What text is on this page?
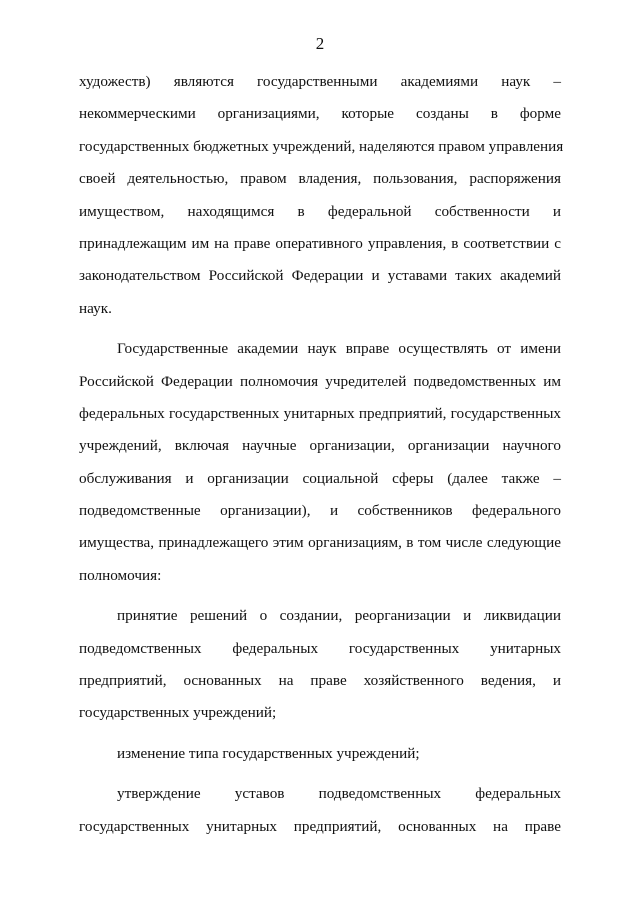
2
художеств) являются государственными академиями наук –
некоммерческими организациями, которые созданы в форме
государственных бюджетных учреждений, наделяются правом управления
своей деятельностью, правом владения, пользования, распоряжения
имуществом, находящимся в федеральной собственности и
принадлежащим им на праве оперативного управления, в соответствии с
законодательством Российской Федерации и уставами таких академий
наук.
Государственные академии наук вправе осуществлять от имени
Российской Федерации полномочия учредителей подведомственных им
федеральных государственных унитарных предприятий, государственных
учреждений, включая научные организации, организации научного
обслуживания и организации социальной сферы (далее также –
подведомственные организации), и собственников федерального
имущества, принадлежащего этим организациям, в том числе следующие
полномочия:
принятие решений о создании, реорганизации и ликвидации
подведомственных федеральных государственных унитарных
предприятий, основанных на праве хозяйственного ведения, и
государственных учреждений;
изменение типа государственных учреждений;
утверждение уставов подведомственных федеральных
государственных унитарных предприятий, основанных на праве
